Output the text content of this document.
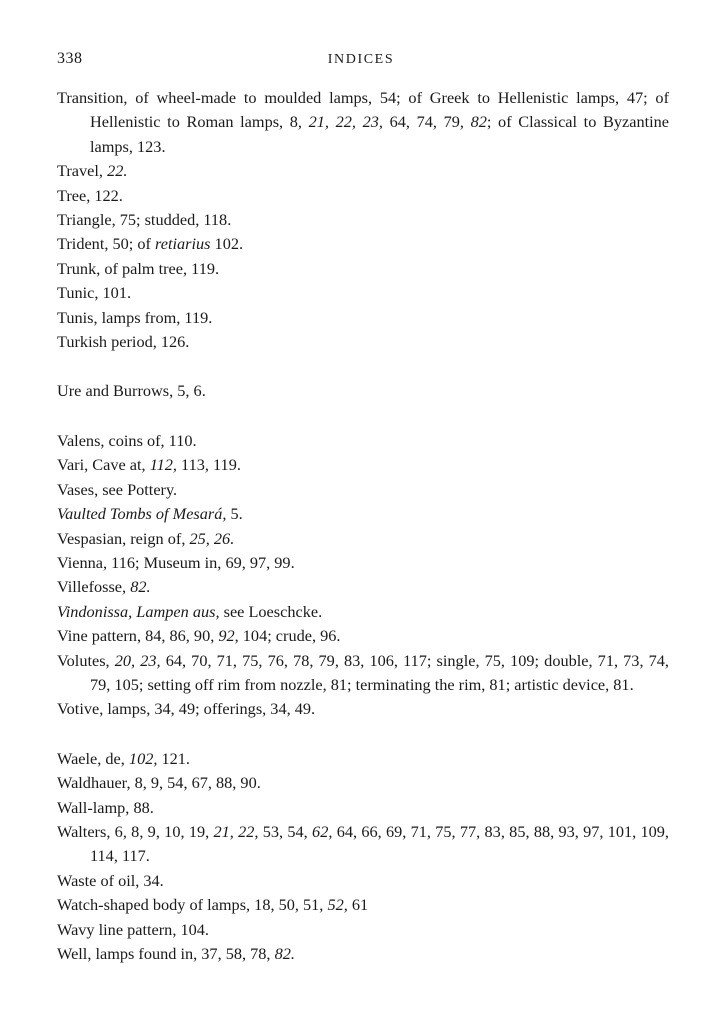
338	INDICES
Transition, of wheel-made to moulded lamps, 54; of Greek to Hellenistic lamps, 47; of Hellenistic to Roman lamps, 8, 21, 22, 23, 64, 74, 79, 82; of Classical to Byzantine lamps, 123.
Travel, 22.
Tree, 122.
Triangle, 75; studded, 118.
Trident, 50; of retiarius 102.
Trunk, of palm tree, 119.
Tunic, 101.
Tunis, lamps from, 119.
Turkish period, 126.
Ure and Burrows, 5, 6.
Valens, coins of, 110.
Vari, Cave at, 112, 113, 119.
Vases, see Pottery.
Vaulted Tombs of Mesará, 5.
Vespasian, reign of, 25, 26.
Vienna, 116; Museum in, 69, 97, 99.
Villefosse, 82.
Vindonissa, Lampen aus, see Loeschcke.
Vine pattern, 84, 86, 90, 92, 104; crude, 96.
Volutes, 20, 23, 64, 70, 71, 75, 76, 78, 79, 83, 106, 117; single, 75, 109; double, 71, 73, 74, 79, 105; setting off rim from nozzle, 81; terminating the rim, 81; artistic device, 81.
Votive, lamps, 34, 49; offerings, 34, 49.
Waele, de, 102, 121.
Waldhauer, 8, 9, 54, 67, 88, 90.
Wall-lamp, 88.
Walters, 6, 8, 9, 10, 19, 21, 22, 53, 54, 62, 64, 66, 69, 71, 75, 77, 83, 85, 88, 93, 97, 101, 109, 114, 117.
Waste of oil, 34.
Watch-shaped body of lamps, 18, 50, 51, 52, 61
Wavy line pattern, 104.
Well, lamps found in, 37, 58, 78, 82.
